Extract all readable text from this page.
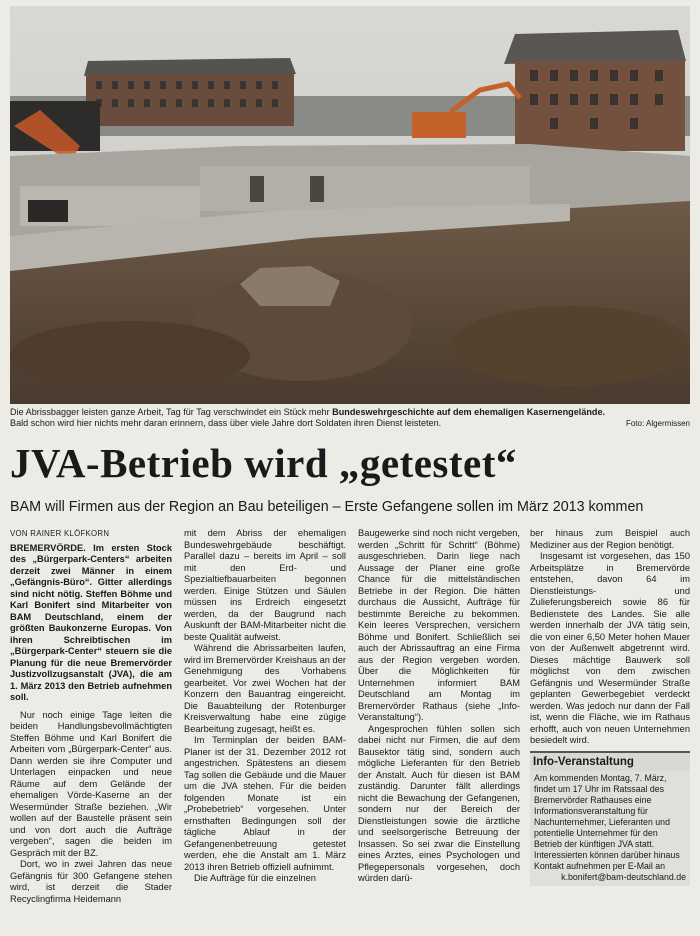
Die Abrissbagger leisten ganze Arbeit, Tag für Tag verschwindet ein Stück mehr Bundeswehrgeschichte auf dem ehemaligen Kasernengelände.
Bald schon wird hier nichts mehr daran erinnern, dass über viele Jahre dort Soldaten ihren Dienst leisteten.	Foto: Algermissen
JVA-Betrieb wird „getestet“
BAM will Firmen aus der Region an Bau beteiligen – Erste Gefangene sollen im März 2013 kommen
VON RAINER KLÖFKORN

BREMERVÖRDE. Im ersten Stock des „Bürgerpark-Centers“ arbeiten derzeit zwei Männer in einem „Gefängnis-Büro“. Gitter allerdings sind nicht nötig. Steffen Böhme und Karl Bonifert sind Mitarbeiter von BAM Deutschland, einem der größten Baukonzerne Europas. Von ihren Schreibtischen im „Bürgerpark-Center“ steuern sie die Planung für die neue Bremervörder Justizvollzugsanstalt (JVA), die am 1. März 2013 den Betrieb aufnehmen soll.

Nur noch einige Tage leiten die beiden Handlungsbevollmächtigten Steffen Böhme und Karl Bonifert die Arbeiten vom „Bürgerpark-Center“ aus. Dann werden sie ihre Computer und Unterlagen einpacken und neue Räume auf dem Gelände der ehemaligen Vörde-Kaserne an der Wesermünder Straße beziehen. „Wir wollen auf der Baustelle präsent sein und von dort auch die Aufträge vergeben“, sagen die beiden im Gespräch mit der BZ.

Dort, wo in zwei Jahren das neue Gefängnis für 300 Gefangene stehen wird, ist derzeit die Stader Recyclingfirma Heidemann

mit dem Abriss der ehemaligen Bundeswehrgebäude beschäftigt. Parallel dazu – bereits im April – soll mit den Erd- und Spezialtiefbauarbeiten begonnen werden. Einige Stützen und Säulen müssen ins Erdreich eingesetzt werden, da der Baugrund nach Auskunft der BAM-Mitarbeiter nicht die beste Qualität aufweist.

Während die Abrissarbeiten laufen, wird im Bremervörder Kreishaus an der Genehmigung des Vorhabens gearbeitet. Vor zwei Wochen hat der Konzern den Bauantrag eingereicht. Die Bauabteilung der Rotenburger Kreisverwaltung habe eine zügige Bearbeitung zugesagt, heißt es.

Im Terminplan der beiden BAM-Planer ist der 31. Dezember 2012 rot angestrichen. Spätestens an diesem Tag sollen die Gebäude und die Mauer um die JVA stehen. Für die beiden folgenden Monate ist ein „Probebetrieb“ vorgesehen. Unter ernsthaften Bedingungen soll der tägliche Ablauf in der Gefangenenbetreuung getestet werden, ehe die Anstalt am 1. März 2013 ihren Betrieb offiziell aufnimmt.

Die Aufträge für die einzelnen

Baugewerke sind noch nicht vergeben, werden „Schritt für Schritt“ (Böhme) ausgeschrieben. Darin liege nach Aussage der Planer eine große Chance für die mittelständischen Betriebe in der Region. Die hätten durchaus die Aussicht, Aufträge für bestimmte Bereiche zu bekommen. Kein leeres Versprechen, versichern Böhme und Bonifert. Schließlich sei auch der Abrissauftrag an eine Firma aus der Region vergeben worden. Über die Möglichkeiten für Unternehmen informiert BAM Deutschland am Montag im Bremervörder Rathaus (siehe „Info-Veranstaltung“).

Angesprochen fühlen sollen sich dabei nicht nur Firmen, die auf dem Bausektor tätig sind, sondern auch mögliche Lieferanten für den Betrieb der Anstalt. Auch für diesen ist BAM zuständig. Darunter fällt allerdings nicht die Bewachung der Gefangenen, sondern nur der Bereich der Dienstleistungen sowie die ärztliche und seelsorgerische Betreuung der Insassen. So sei zwar die Einstellung eines Arztes, eines Psychologen und Pflegepersonals vorgesehen, doch würden darü-

ber hinaus zum Beispiel auch Mediziner aus der Region benötigt.

Insgesamt ist vorgesehen, das 150 Arbeitsplätze in Bremervörde entstehen, davon 64 im Dienstleistungs- und Zulieferungsbereich sowie 86 für Bedienstete des Landes. Sie alle werden innerhalb der JVA tätig sein, die von einer 6,50 Meter hohen Mauer von der Außenwelt abgetrennt wird. Dieses mächtige Bauwerk soll möglichst von dem zwischen Gefängnis und Wesermünder Straße geplanten Gewerbegebiet verdeckt werden. Was jedoch nur dann der Fall ist, wenn die Fläche, wie im Rathaus erhofft, auch von neuen Unternehmen besiedelt wird.

Info-Veranstaltung

Am kommenden Montag, 7. März, findet um 17 Uhr im Ratssaal des Bremervörder Rathauses eine Informationsveranstaltung für Nachunternehmer, Lieferanten und potentielle Unternehmer für den Betrieb der künftigen JVA statt. Interessierten können darüber hinaus Kontakt aufnehmen per E-Mail an

k.bonifert@bam-deutschland.de
